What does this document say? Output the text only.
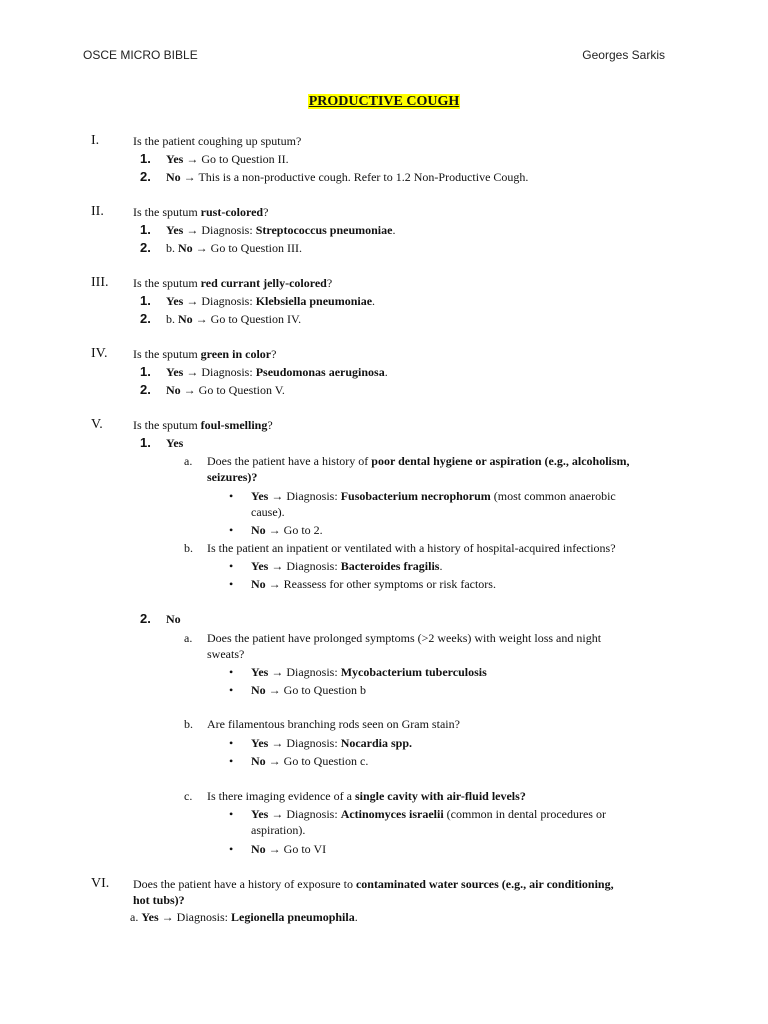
OSCE MICRO BIBLE	Georges Sarkis
PRODUCTIVE COUGH
I.	Is the patient coughing up sputum?
1. Yes → Go to Question II.
2. No → This is a non-productive cough. Refer to 1.2 Non-Productive Cough.
II. Is the sputum rust-colored?
1. Yes → Diagnosis: Streptococcus pneumoniae.
2. b. No → Go to Question III.
III. Is the sputum red currant jelly-colored?
1. Yes → Diagnosis: Klebsiella pneumoniae.
2. b. No → Go to Question IV.
IV. Is the sputum green in color?
1. Yes → Diagnosis: Pseudomonas aeruginosa.
2. No → Go to Question V.
V.	Is the sputum foul-smelling?
1. Yes
a. Does the patient have a history of poor dental hygiene or aspiration (e.g., alcoholism,
seizures)?
• Yes → Diagnosis: Fusobacterium necrophorum (most common anaerobic
cause).
• No → Go to 2.
b. Is the patient an inpatient or ventilated with a history of hospital-acquired infections?
• Yes → Diagnosis: Bacteroides fragilis.
• No → Reassess for other symptoms or risk factors.
2. No
a. Does the patient have prolonged symptoms (>2 weeks) with weight loss and night
sweats?
• Yes → Diagnosis: Mycobacterium tuberculosis
• No → Go to Question b
b. Are filamentous branching rods seen on Gram stain?
• Yes → Diagnosis: Nocardia spp.
• No → Go to Question c.
c. Is there imaging evidence of a single cavity with air-fluid levels?
• Yes → Diagnosis: Actinomyces israelii (common in dental procedures or
aspiration).
• No → Go to VI
VI. Does the patient have a history of exposure to contaminated water sources (e.g., air conditioning,
hot tubs)?
a. Yes → Diagnosis: Legionella pneumophila.
